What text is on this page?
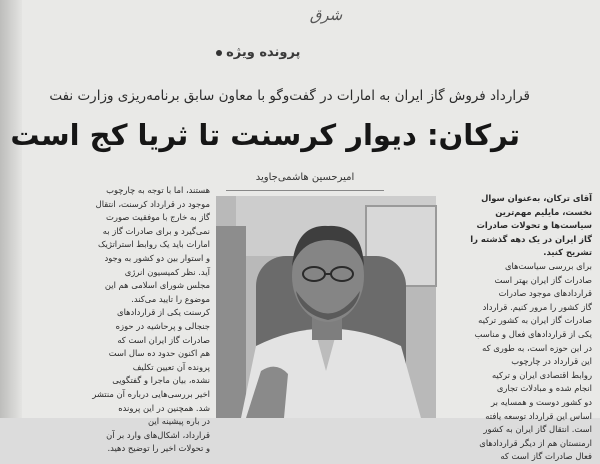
شرق
پرونده ویژه
قرارداد فروش گاز ایران به امارات در گفت‌وگو با معاون سابق برنامه‌ریزی وزارت نفت
ترکان: دیوار کرسنت تا ثریا کج است
امیرحسین هاشمی‌جاوید
آقای ترکان، به‌عنوان سوال
نخست، مایلیم مهم‌ترین
سیاست‌ها و تحولات صادرات
گاز ایران در یک دهه گذشته را
تشریح کنید.
برای بررسی سیاست‌های
صادرات گاز ایران بهتر است
قراردادهای موجود صادرات
گاز کشور را مرور کنیم. قرارداد
صادرات گاز ایران به کشور ترکیه
یکی از قراردادهای فعال و مناسب
در این حوزه است، به طوری که
این قرارداد در چارچوب
روابط اقتصادی ایران و ترکیه
انجام شده و مبادلات تجاری
دو کشور دوست و همسایه بر
اساس این قرارداد توسعه یافته
است. انتقال گاز ایران به کشور
ارمنستان هم از دیگر قراردادهای
فعال صادرات گاز است که
هستند، اما با توجه به چارچوب
موجود در قرارداد کرسنت، انتقال
گاز به خارج با موفقیت صورت
نمی‌گیرد و برای صادرات گاز به
امارات باید یک روابط استراتژیک
و استوار بین دو کشور به وجود
آید. نظر کمیسیون انرژی
مجلس شورای اسلامی هم این
موضوع را تایید می‌کند.
کرسنت یکی از قراردادهای
جنجالی و پرحاشیه در حوزه
صادرات گاز ایران است که
هم اکنون حدود ده سال است
پرونده آن تعیین تکلیف
نشده، بیان ماجرا و گفتگویی
اخیر بررسی‌هایی درباره آن منتشر
شد. همچنین در این پرونده
در باره پیشینه این
قرارداد، اشکال‌های وارد بر آن
و تحولات اخیر را توضیح دهید.
